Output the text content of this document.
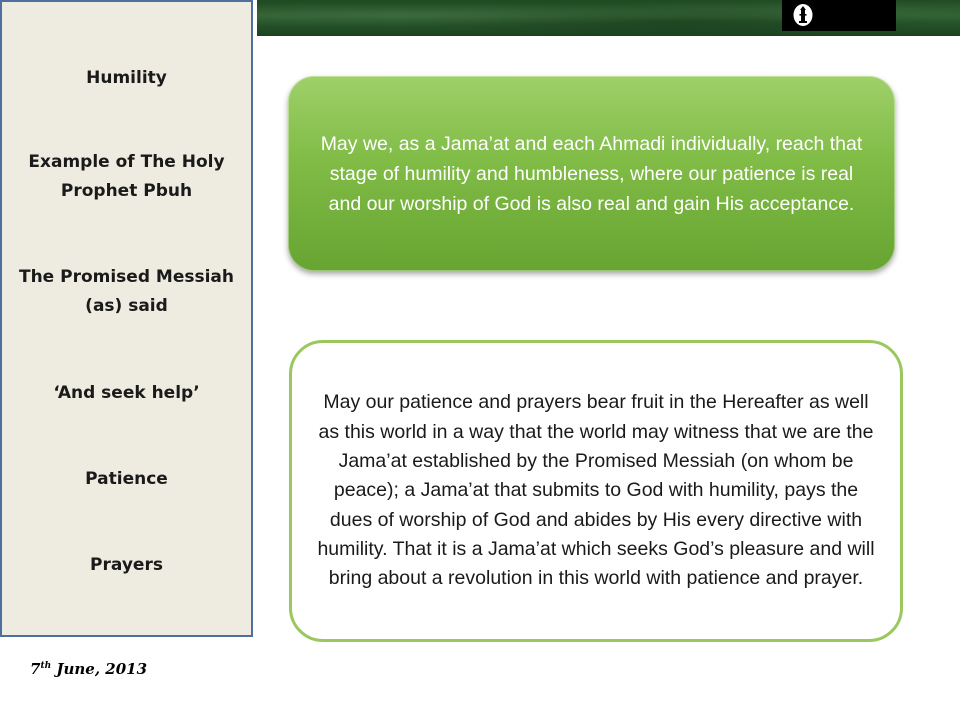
Humility
Example of The Holy
Prophet Pbuh
The Promised Messiah
(as) said
‘And seek help’
Patience
Prayers
7th June, 2013
May we, as a Jama’at and each Ahmadi individually, reach that stage of humility and humbleness, where our patience is real and our worship of God is also real and gain His acceptance.
May our patience and prayers bear fruit in the Hereafter as well as this world in a way that the world may witness that we are the Jama’at established by the Promised Messiah (on whom be peace); a Jama’at that submits to God with humility, pays the dues of worship of God and abides by His every directive with humility. That it is a Jama’at which seeks God’s pleasure and will bring about a revolution in this world with patience and prayer.
